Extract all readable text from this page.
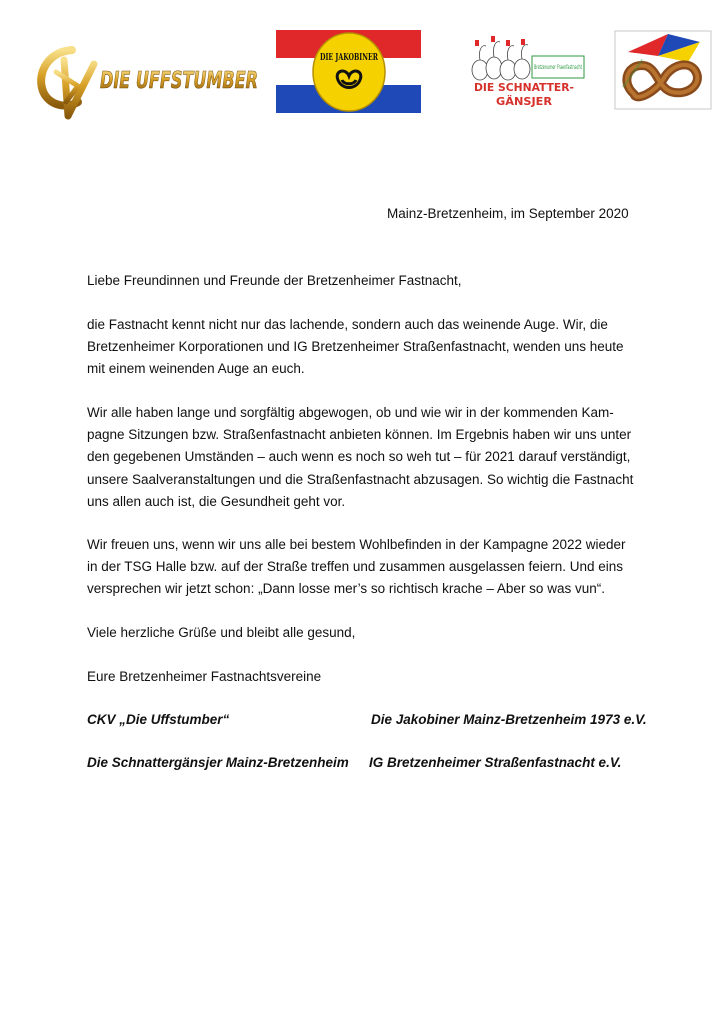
CKV
DIE UFFSTUMBER
DIE JAKOBINER
Bretzenumer Fraenfastnacht
DIE SCHNATTER-
GÄNSJER
IG Bretzenheimer Straßenfastnacht
Mainz-Bretzenheim, im September 2020

Liebe Freundinnen und Freunde der Bretzenheimer Fastnacht,

die Fastnacht kennt nicht nur das lachende, sondern auch das weinende Auge. Wir, die
Bretzenheimer Korporationen und IG Bretzenheimer Straßenfastnacht, wenden uns heute
mit einem weinenden Auge an euch.

Wir alle haben lange und sorgfältig abgewogen, ob und wie wir in der kommenden Kam-
pagne Sitzungen bzw. Straßenfastnacht anbieten können. Im Ergebnis haben wir uns unter
den gegebenen Umständen – auch wenn es noch so weh tut – für 2021 darauf verständigt,
unsere Saalveranstaltungen und die Straßenfastnacht abzusagen. So wichtig die Fastnacht
uns allen auch ist, die Gesundheit geht vor.

Wir freuen uns, wenn wir uns alle bei bestem Wohlbefinden in der Kampagne 2022 wieder
in der TSG Halle bzw. auf der Straße treffen und zusammen ausgelassen feiern. Und eins
versprechen wir jetzt schon: „Dann losse mer’s so richtisch krache – Aber so was vun“.

Viele herzliche Grüße und bleibt alle gesund,

Eure Bretzenheimer Fastnachtsvereine

CKV „Die Uffstumber“	Die Jakobiner Mainz-Bretzenheim 1973 e.V.
Die Schnattergänsjer Mainz-Bretzenheim IG Bretzenheimer Straßenfastnacht e.V.
